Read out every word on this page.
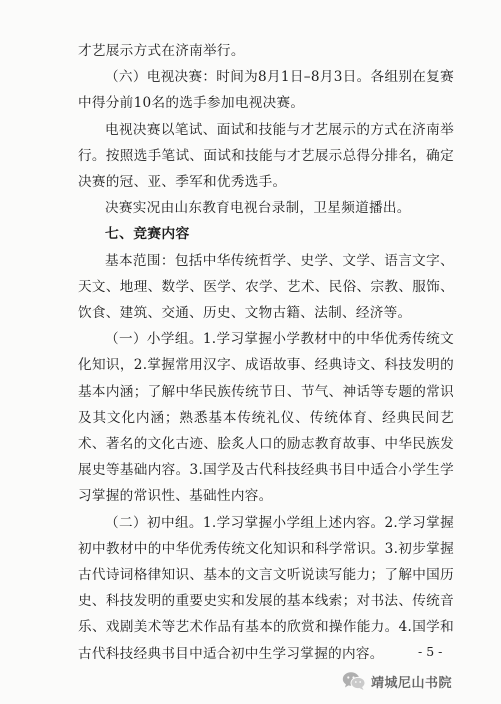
才艺展示方式在济南举行。

（六）电视决赛：时间为8月1日–8月3日。各组别在复赛中得分前10名的选手参加电视决赛。

电视决赛以笔试、面试和技能与才艺展示的方式在济南举行。按照选手笔试、面试和技能与才艺展示总得分排名，确定决赛的冠、亚、季军和优秀选手。

决赛实况由山东教育电视台录制，卫星频道播出。

七、竞赛内容

基本范围：包括中华传统哲学、史学、文学、语言文字、天文、地理、数学、医学、农学、艺术、民俗、宗教、服饰、饮食、建筑、交通、历史、文物古籍、法制、经济等。

（一）小学组。1.学习掌握小学教材中的中华优秀传统文化知识，2.掌握常用汉字、成语故事、经典诗文、科技发明的基本内涵；了解中华民族传统节日、节气、神话等专题的常识及其文化内涵；熟悉基本传统礼仪、传统体育、经典民间艺术、著名的文化古迹、脍炙人口的励志教育故事、中华民族发展史等基础内容。3.国学及古代科技经典书目中适合小学生学习掌握的常识性、基础性内容。

（二）初中组。1.学习掌握小学组上述内容。2.学习掌握初中教材中的中华优秀传统文化知识和科学常识。3.初步掌握古代诗词格律知识、基本的文言文听说读写能力；了解中国历史、科技发明的重要史实和发展的基本线索；对书法、传统音乐、戏剧美术等艺术作品有基本的欣赏和操作能力。4.国学和古代科技经典书目中适合初中生学习掌握的内容。	- 5 -
靖城尼山书院
